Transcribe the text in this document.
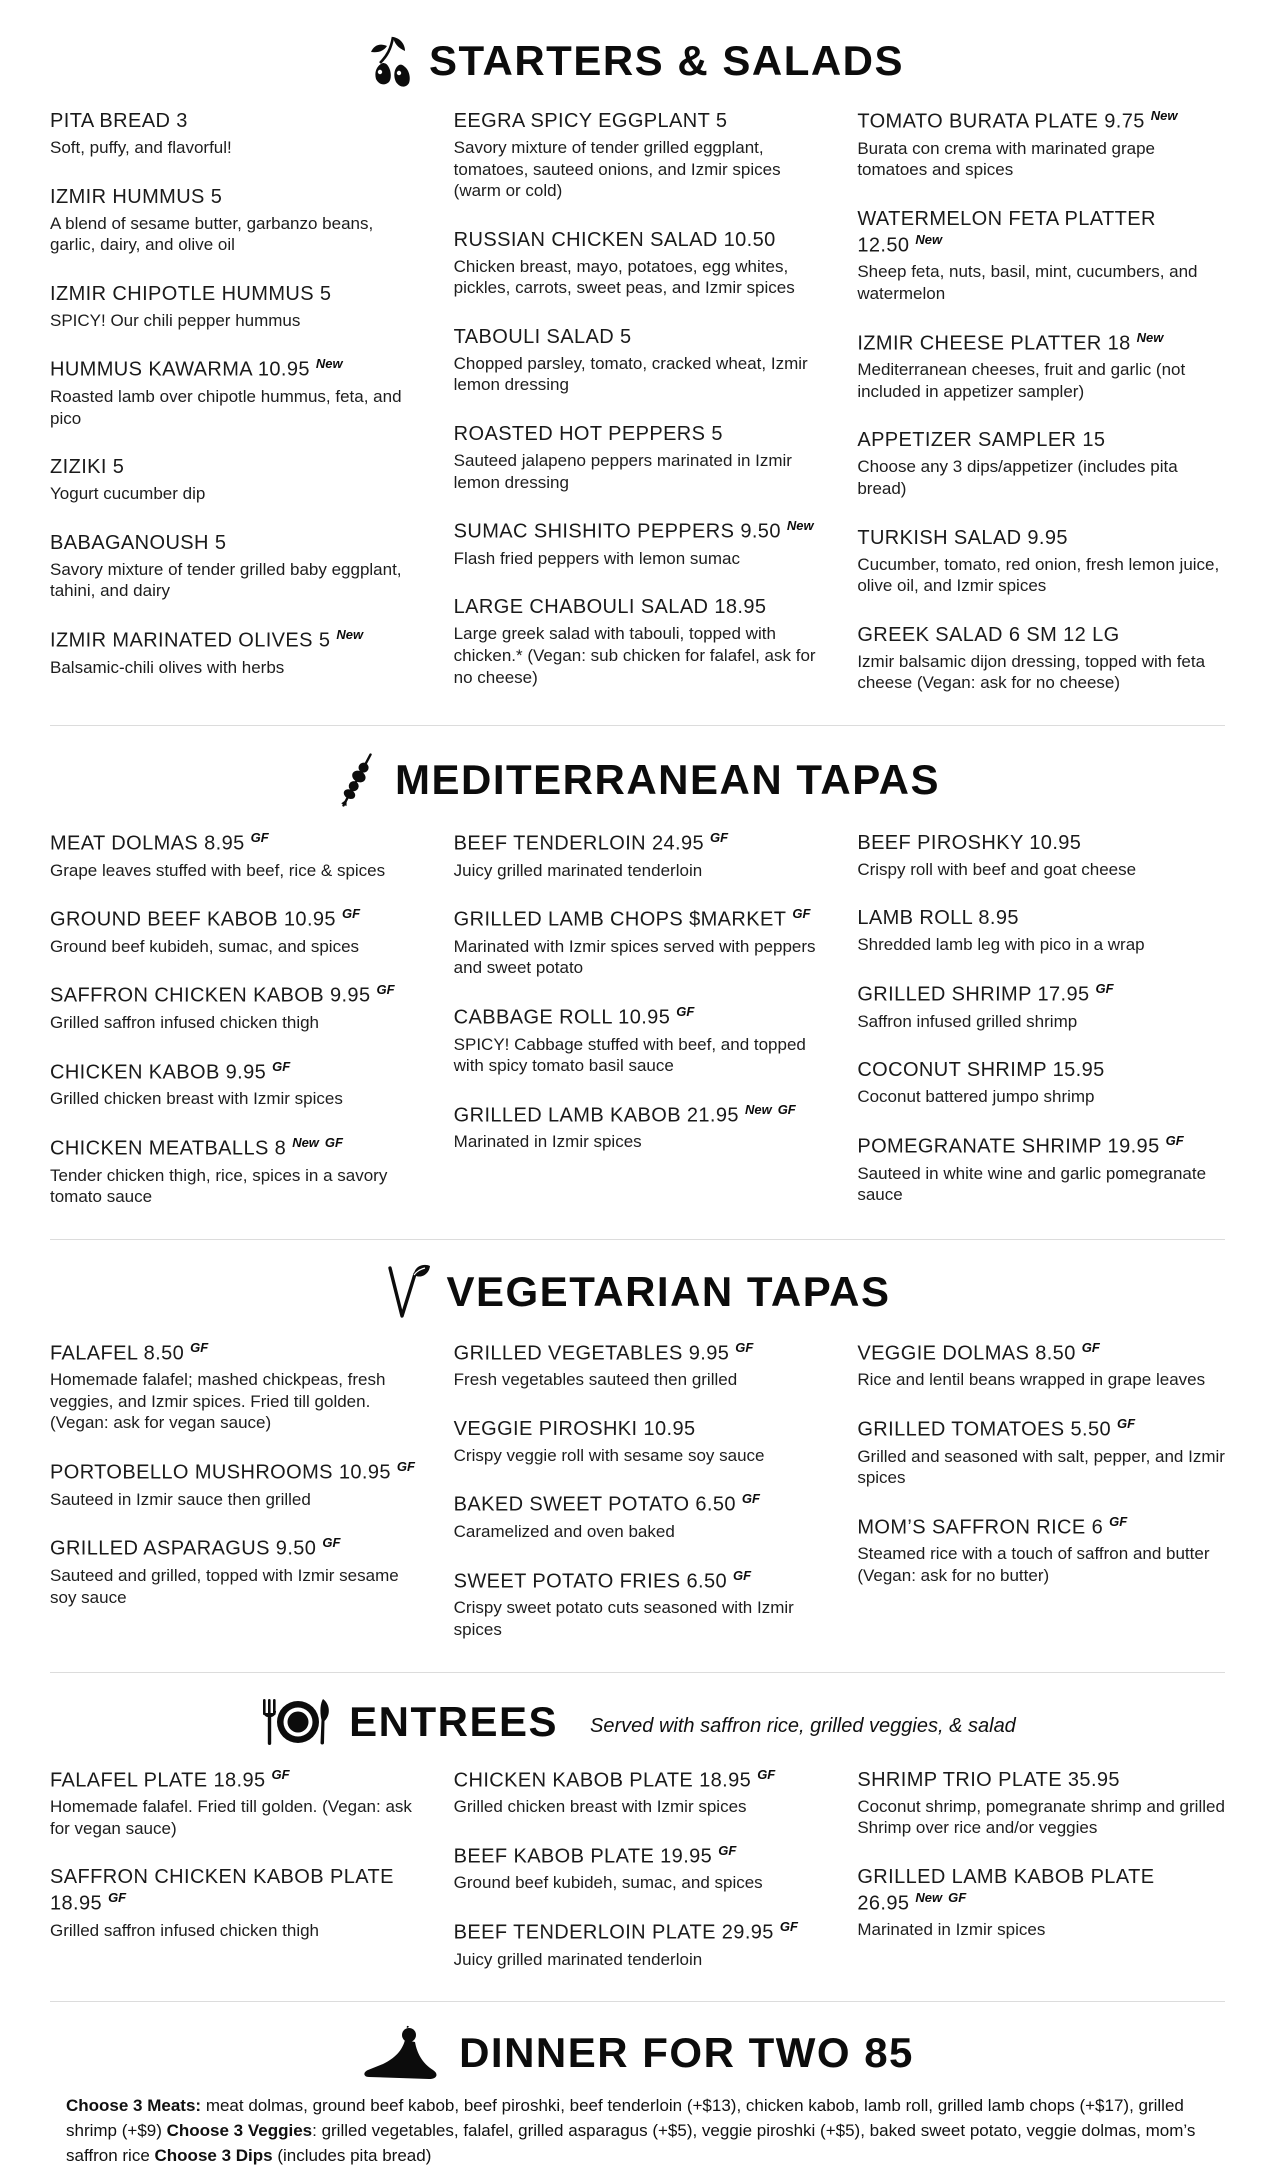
STARTERS & SALADS
PITA BREAD 3
Soft, puffy, and flavorful!
IZMIR HUMMUS 5
A blend of sesame butter, garbanzo beans, garlic, dairy, and olive oil
IZMIR CHIPOTLE HUMMUS 5
SPICY! Our chili pepper hummus
HUMMUS KAWARMA 10.95 $^{New}$
Roasted lamb over chipotle hummus, feta, and pico
ZIZIKI 5
Yogurt cucumber dip
BABAGANOUSH 5
Savory mixture of tender grilled baby eggplant, tahini, and dairy
IZMIR MARINATED OLIVES 5 $^{New}$
Balsamic-chili olives with herbs
EEGRA SPICY EGGPLANT 5
Savory mixture of tender grilled eggplant, tomatoes, sauteed onions, and Izmir spices (warm or cold)
RUSSIAN CHICKEN SALAD 10.50
Chicken breast, mayo, potatoes, egg whites, pickles, carrots, sweet peas, and Izmir spices
TABOULI SALAD 5
Chopped parsley, tomato, cracked wheat, Izmir lemon dressing
ROASTED HOT PEPPERS 5
Sauteed jalapeno peppers marinated in Izmir lemon dressing
SUMAC SHISHITO PEPPERS 9.50 $^{New}$
Flash fried peppers with lemon sumac
LARGE CHABOULI SALAD 18.95
Large greek salad with tabouli, topped with chicken.* (Vegan: sub chicken for falafel, ask for no cheese)
TOMATO BURATA PLATE 9.75 $^{New}$
Burata con crema with marinated grape tomatoes and spices
WATERMELON FETA PLATTER 12.50 $^{New}$
Sheep feta, nuts, basil, mint, cucumbers, and watermelon
IZMIR CHEESE PLATTER 18 $^{New}$
Mediterranean cheeses, fruit and garlic (not included in appetizer sampler)
APPETIZER SAMPLER 15
Choose any 3 dips/appetizer (includes pita bread)
TURKISH SALAD 9.95
Cucumber, tomato, red onion, fresh lemon juice, olive oil, and Izmir spices
GREEK SALAD 6 SM 12 LG
Izmir balsamic dijon dressing, topped with feta cheese (Vegan: ask for no cheese)
MEDITERRANEAN TAPAS
MEAT DOLMAS 8.95 $^{GF}$
Grape leaves stuffed with beef, rice & spices
GROUND BEEF KABOB 10.95 $^{GF}$
Ground beef kubideh, sumac, and spices
SAFFRON CHICKEN KABOB 9.95 $^{GF}$
Grilled saffron infused chicken thigh
CHICKEN KABOB 9.95 $^{GF}$
Grilled chicken breast with Izmir spices
CHICKEN MEATBALLS 8 $^{New}$ $^{GF}$
Tender chicken thigh, rice, spices in a savory tomato sauce
BEEF TENDERLOIN 24.95 $^{GF}$
Juicy grilled marinated tenderloin
GRILLED LAMB CHOPS $MARKET $^{GF}$
Marinated with Izmir spices served with peppers and sweet potato
CABBAGE ROLL 10.95 $^{GF}$
SPICY! Cabbage stuffed with beef, and topped with spicy tomato basil sauce
GRILLED LAMB KABOB 21.95 $^{New}$ $^{GF}$
Marinated in Izmir spices
BEEF PIROSHKY 10.95
Crispy roll with beef and goat cheese
LAMB ROLL 8.95
Shredded lamb leg with pico in a wrap
GRILLED SHRIMP 17.95 $^{GF}$
Saffron infused grilled shrimp
COCONUT SHRIMP 15.95
Coconut battered jumpo shrimp
POMEGRANATE SHRIMP 19.95 $^{GF}$
Sauteed in white wine and garlic pomegranate sauce
VEGETARIAN TAPAS
FALAFEL 8.50 $^{GF}$
Homemade falafel; mashed chickpeas, fresh veggies, and Izmir spices. Fried till golden. (Vegan: ask for vegan sauce)
PORTOBELLO MUSHROOMS 10.95 $^{GF}$
Sauteed in Izmir sauce then grilled
GRILLED ASPARAGUS 9.50 $^{GF}$
Sauteed and grilled, topped with Izmir sesame soy sauce
GRILLED VEGETABLES 9.95 $^{GF}$
Fresh vegetables sauteed then grilled
VEGGIE PIROSHKI 10.95
Crispy veggie roll with sesame soy sauce
BAKED SWEET POTATO 6.50 $^{GF}$
Caramelized and oven baked
SWEET POTATO FRIES 6.50 $^{GF}$
Crispy sweet potato cuts seasoned with Izmir spices
VEGGIE DOLMAS 8.50 $^{GF}$
Rice and lentil beans wrapped in grape leaves
GRILLED TOMATOES 5.50 $^{GF}$
Grilled and seasoned with salt, pepper, and Izmir spices
MOM’S SAFFRON RICE 6 $^{GF}$
Steamed rice with a touch of saffron and butter (Vegan: ask for no butter)
ENTREES Served with saffron rice, grilled veggies, & salad
FALAFEL PLATE 18.95 $^{GF}$
Homemade falafel. Fried till golden. (Vegan: ask for vegan sauce)
SAFFRON CHICKEN KABOB PLATE 18.95 $^{GF}$
Grilled saffron infused chicken thigh
CHICKEN KABOB PLATE 18.95 $^{GF}$
Grilled chicken breast with Izmir spices
BEEF KABOB PLATE 19.95 $^{GF}$
Ground beef kubideh, sumac, and spices
BEEF TENDERLOIN PLATE 29.95 $^{GF}$
Juicy grilled marinated tenderloin
SHRIMP TRIO PLATE 35.95
Coconut shrimp, pomegranate shrimp and grilled Shrimp over rice and/or veggies
GRILLED LAMB KABOB PLATE 26.95 $^{New}$ $^{GF}$
Marinated in Izmir spices
DINNER FOR TWO 85

Choose 3 Meats: meat dolmas, ground beef kabob, beef piroshki, beef tenderloin (+$13), chicken kabob, lamb roll, grilled lamb chops (+$17), grilled shrimp (+$9) Choose 3 Veggies: grilled vegetables, falafel, grilled asparagus (+$5), veggie piroshki (+$5), baked sweet potato, veggie dolmas, mom’s saffron rice Choose 3 Dips (includes pita bread)
